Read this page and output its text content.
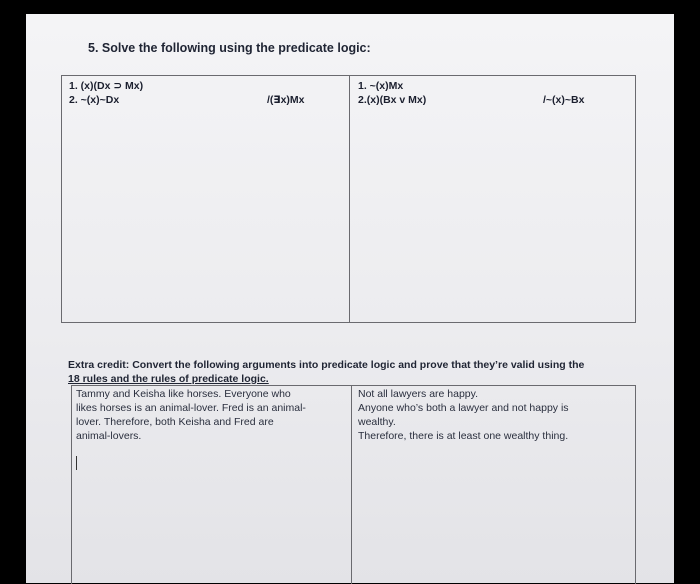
5. Solve the following using the predicate logic:
1. (x)(Dx ⊃ Mx)
2. ~(x)~Dx	/(∃x)Mx
1. ~(x)Mx
2.(x)(Bx v Mx)	/~(x)~Bx
Extra credit: Convert the following arguments into predicate logic and prove that they’re valid using the
18 rules and the rules of predicate logic.
Tammy and Keisha like horses. Everyone who
likes horses is an animal-lover. Fred is an animal-
lover. Therefore, both Keisha and Fred are
animal-lovers.
Not all lawyers are happy.
Anyone who’s both a lawyer and not happy is
wealthy.
Therefore, there is at least one wealthy thing.
